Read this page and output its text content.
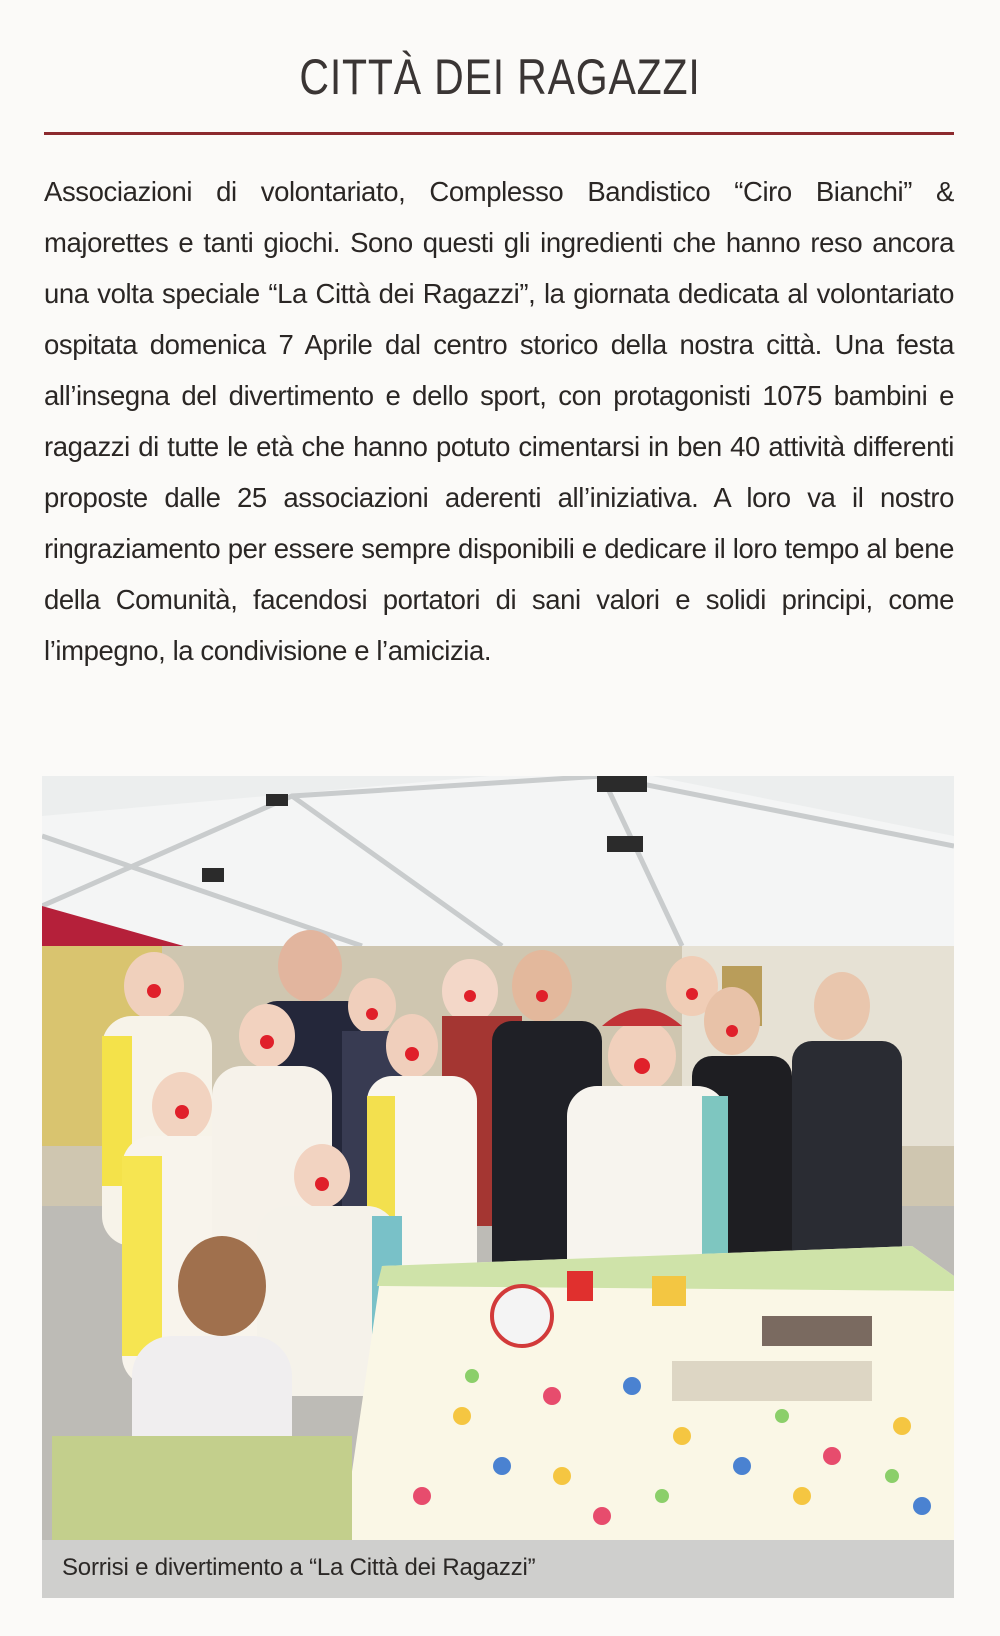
CITTÀ DEI RAGAZZI
Associazioni di volontariato, Complesso Bandistico “Ciro Bianchi” & majorettes e tanti giochi. Sono questi gli ingredienti che hanno reso ancora una volta speciale “La Città dei Ragazzi”, la giornata dedicata al volontariato ospitata domenica 7 Aprile dal centro storico della nostra città. Una festa all’insegna del divertimento e dello sport, con protagonisti 1075 bambini e ragazzi di tutte le età che hanno potuto cimentarsi in ben 40 attività differenti proposte dalle 25 associazioni aderenti all’iniziativa. A loro va il nostro ringraziamento per essere sempre disponibili e dedicare il loro tempo al bene della Comunità, facendosi portatori di sani valori e solidi principi, come l’impegno, la condivisione e l’amicizia.
Sorrisi e divertimento a “La Città dei Ragazzi”
